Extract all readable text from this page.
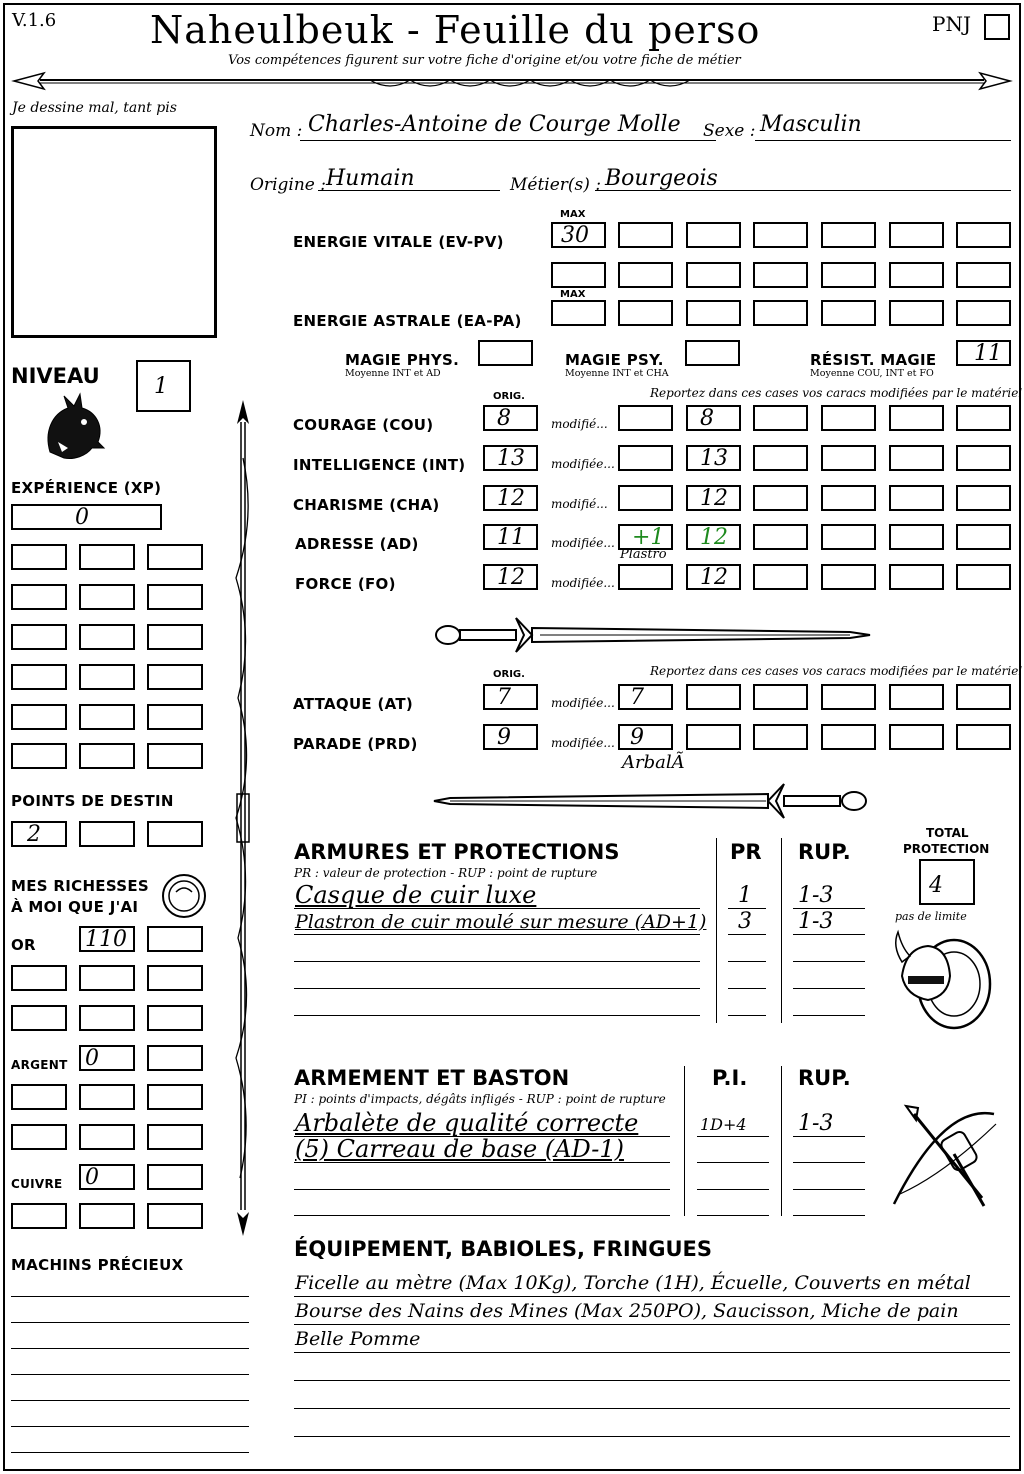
V.1.6 Naheulbeuk - Feuille du perso	PNJ
Vos compétences figurent sur votre fiche d'origine et/ou votre fiche de métier
Je dessine mal, tant pis
Nom : Charles-Antoine de Courge Molle Sexe : Masculin
Origine : Humain	Métier(s) : Bourgeois
MAX
ENERGIE VITALE (EV-PV)	30
MAX
ENERGIE ASTRALE (EA-PA)
MAGIE PHYS.
Moyenne INT et AD
MAGIE PSY.
Moyenne INT et CHA
RÉSIST. MAGIE
Moyenne COU, INT et FO
11
NIVEAU 1
EXPÉRIENCE (XP)
0
POINTS DE DESTIN
2
MES RICHESSES
À MOI QUE J'AI
OR 110
ARGENT 0
CUIVRE 0
MACHINS PRÉCIEUX
ORIG.	Reportez dans ces cases vos caracs modifiées par le matériel
ORIG.	Reportez dans ces cases vos caracs modifiées par le matériel
ArbalÃ
ARMURES ET PROTECTIONS
PR : valeur de protection - RUP : point de rupture
PR RUP.
TOTAL
PROTECTION
4
pas de limite
ARMEMENT ET BASTON
PI : points d'impacts, dégâts infligés - RUP : point de rupture
P.I. RUP.
ÉQUIPEMENT, BABIOLES, FRINGUES
COURAGE (COU)	8	modifié...	8
INTELLIGENCE (INT) 13 modifiée...	13
CHARISME (CHA)	12 modifié...	12
ADRESSE (AD)	11 modifiée... +1 12
FORCE (FO)	12 modifiée...	12
Plastro
ATTAQUE (AT)	7	modifiée... 7
PARADE (PRD)	9	modifiée... 9
Casque de cuir luxe	1 1-3
Plastron de cuir moulé sur mesure (AD+1) 3 1-3
Arbalète de qualité correcte	1D+4 1-3
(5) Carreau de base (AD-1)
Ficelle au mètre (Max 10Kg), Torche (1H), Écuelle, Couverts en métal
Bourse des Nains des Mines (Max 250PO), Saucisson, Miche de pain
Belle Pomme
